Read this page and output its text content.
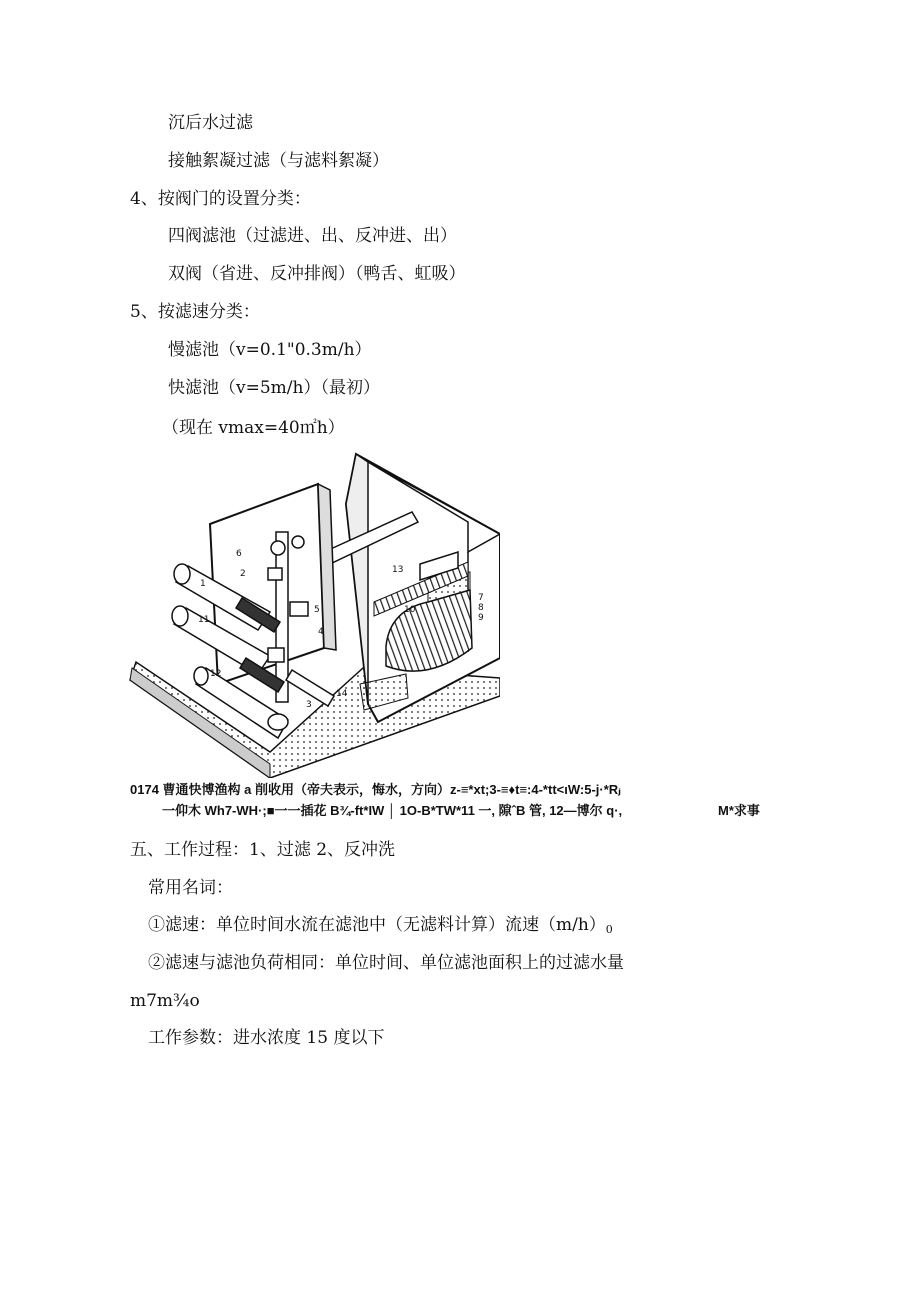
沉后水过滤
接触絮凝过滤（与滤料絮凝）
4、按阀门的设置分类：
四阀滤池（过滤进、出、反冲进、出）
双阀（省进、反冲排阀）（鸭舌、虹吸）
5、按滤速分类：
慢滤池（v=0.1"0.3m/h）
快滤池（v=5m/h）（最初）
（现在 vmax=40㎡h）
1
2
3
4
5
6
7
8
9
10
11
12
13
14
0174 曹通快博渔构 a 削收用（帝夫表示，悔水，方向）z-≡*xt;3-≡♦t≡:4-*tt<ιW:5-j·*Rⱼ
一仰木 Wh7-WH·;■一一插花 B¾-ft*IW │ 1O-B*TW*11 一, 隙ˆB 管, 12—博尔 q·,	M*求事
五、工作过程：1、过滤 2、反冲洗
常用名词：
①滤速：单位时间水流在滤池中（无滤料计算）流速$(m/h)_0$
②滤速与滤池负荷相同：单位时间、单位滤池面积上的过滤水量
m7m¾o
工作参数：进水浓度 15 度以下
